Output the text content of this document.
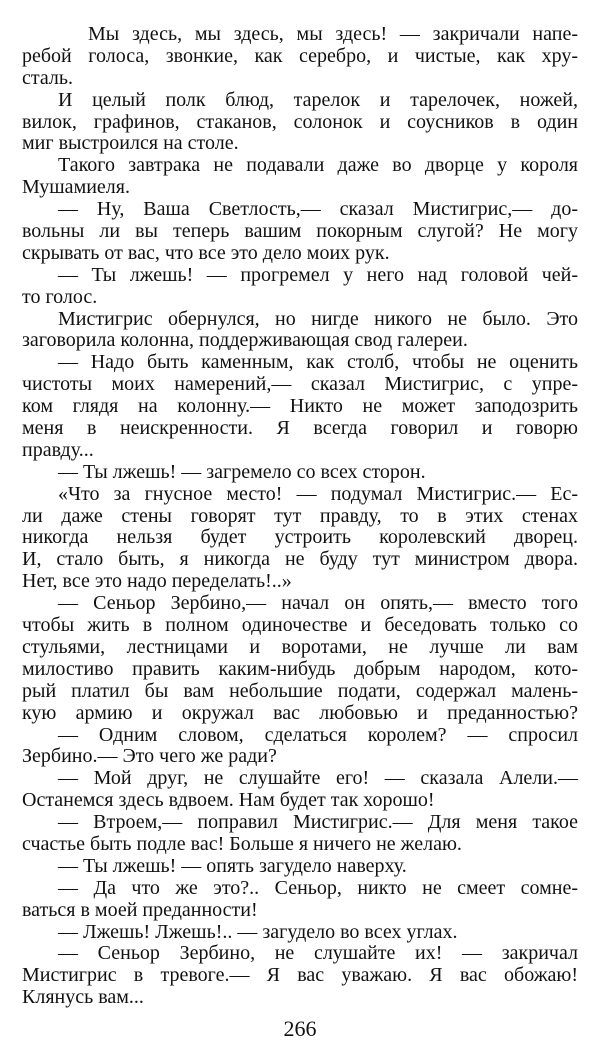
Мы здесь, мы здесь, мы здесь! — закричали напе-
ребой голоса, звонкие, как серебро, и чистые, как хру-
сталь.
И целый полк блюд, тарелок и тарелочек, ножей,
вилок, графинов, стаканов, солонок и соусников в один
миг выстроился на столе.
Такого завтрака не подавали даже во дворце у короля
Мушамиеля.
— Ну, Ваша Светлость,— сказал Мистигрис,— до-
вольны ли вы теперь вашим покорным слугой? Не могу
скрывать от вас, что все это дело моих рук.
— Ты лжешь! — прогремел у него над головой чей-
то голос.
Мистигрис обернулся, но нигде никого не было. Это
заговорила колонна, поддерживающая свод галереи.
— Надо быть каменным, как столб, чтобы не оценить
чистоты моих намерений,— сказал Мистигрис, с упре-
ком глядя на колонну.— Никто не может заподозрить
меня в неискренности. Я всегда говорил и говорю
правду...
— Ты лжешь! — загремело со всех сторон.
«Что за гнусное место! — подумал Мистигрис.— Ес-
ли даже стены говорят тут правду, то в этих стенах
никогда нельзя будет устроить королевский дворец.
И, стало быть, я никогда не буду тут министром двора.
Нет, все это надо переделать!..»
— Сеньор Зербино,— начал он опять,— вместо того
чтобы жить в полном одиночестве и беседовать только со
стульями, лестницами и воротами, не лучше ли вам
милостиво править каким-нибудь добрым народом, кото-
рый платил бы вам небольшие подати, содержал малень-
кую армию и окружал вас любовью и преданностью?
— Одним словом, сделаться королем? — спросил
Зербино.— Это чего же ради?
— Мой друг, не слушайте его! — сказала Алели.—
Останемся здесь вдвоем. Нам будет так хорошо!
— Втроем,— поправил Мистигрис.— Для меня такое
счастье быть подле вас! Больше я ничего не желаю.
— Ты лжешь! — опять загудело наверху.
— Да что же это?.. Сеньор, никто не смеет сомне-
ваться в моей преданности!
— Лжешь! Лжешь!.. — загудело во всех углах.
— Сеньор Зербино, не слушайте их! — закричал
Мистигрис в тревоге.— Я вас уважаю. Я вас обожаю!
Клянусь вам...
266
